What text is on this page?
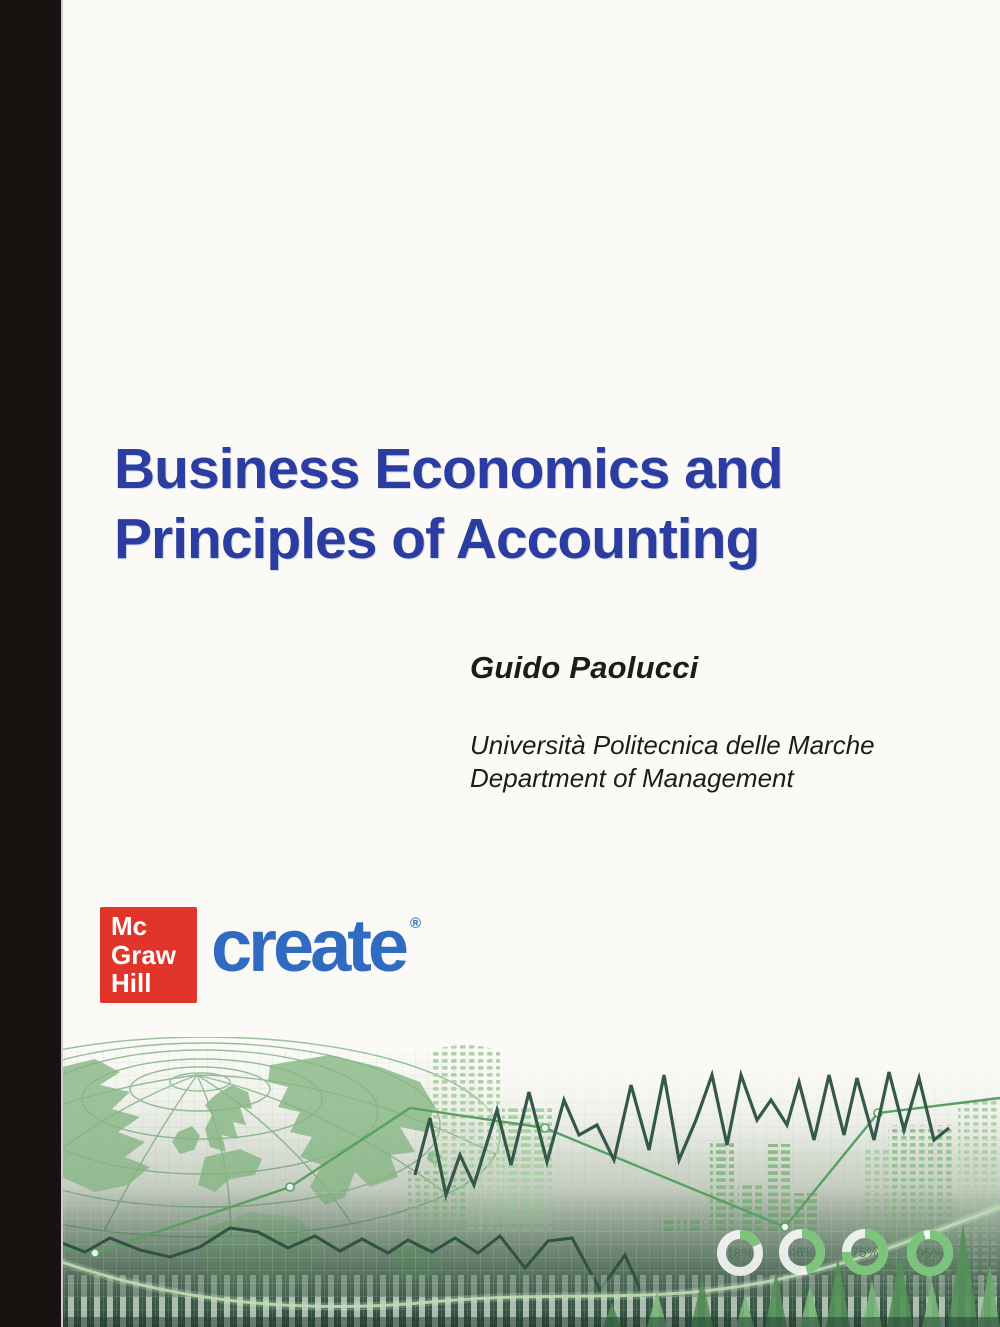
Business Economics and
Principles of Accounting
Guido Paolucci
Università Politecnica delle Marche
Department of Management
Mc
Graw
Hill create ®
18%	46%	75%	95%
